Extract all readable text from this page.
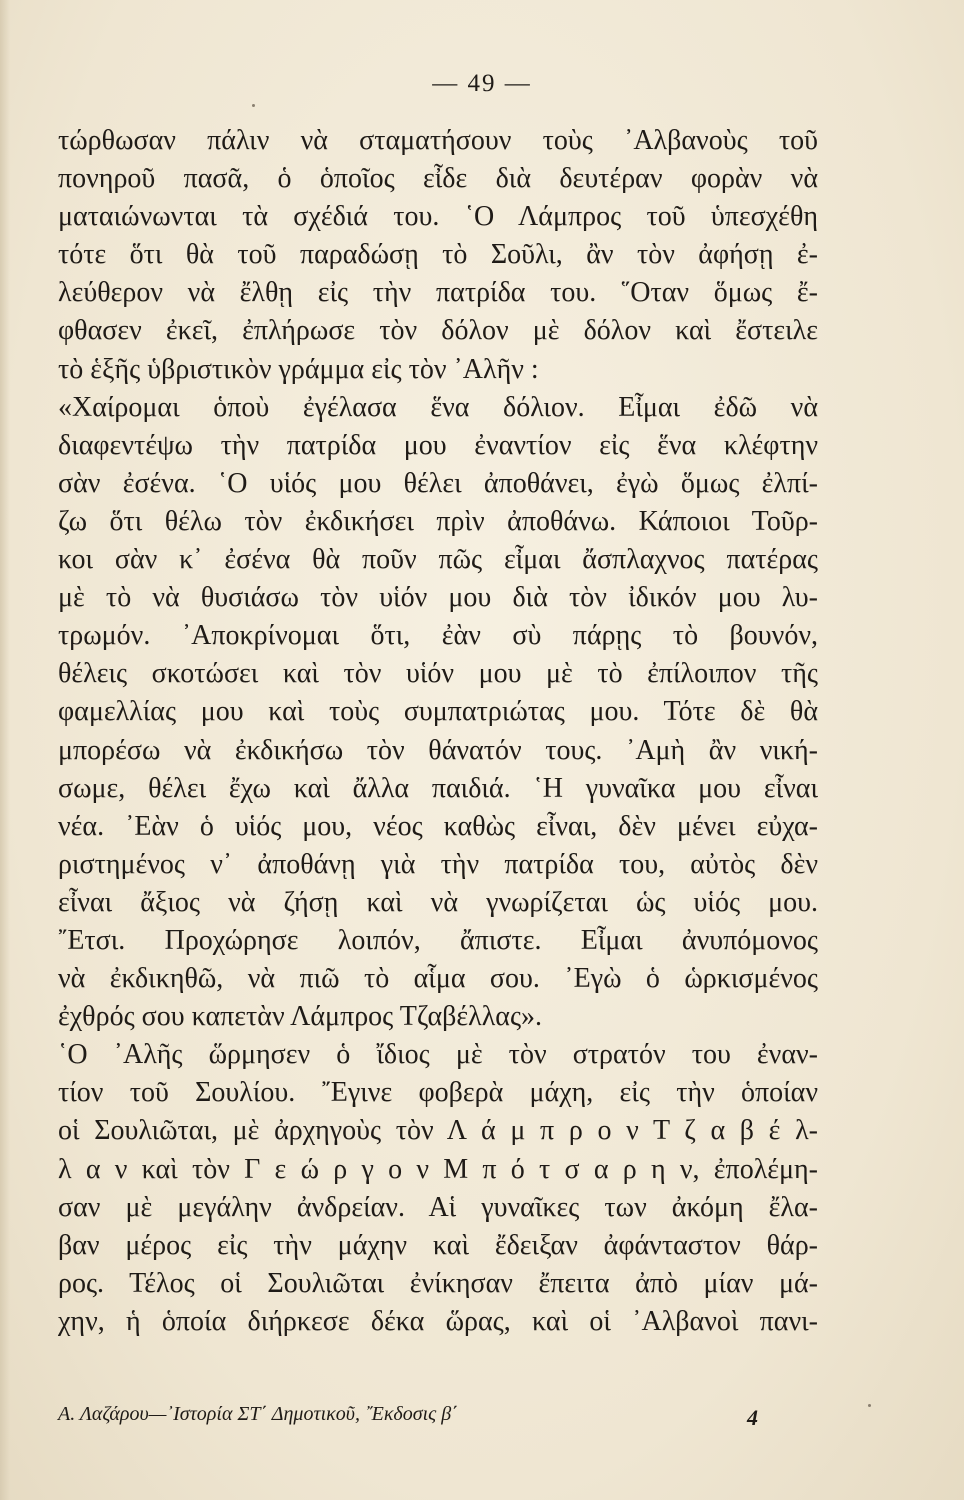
— 49 —
τώρθωσαν πάλιν νὰ σταματήσουν τοὺς ᾿Αλβανοὺς τοῦ
πονηροῦ πασᾶ, ὁ ὁποῖος εἶδε διὰ δευτέραν φορὰν νὰ
ματαιώνωνται τὰ σχέδιά του. ῾Ο Λάμπρος τοῦ ὑπεσχέθη
τότε ὅτι θὰ τοῦ παραδώσῃ τὸ Σοῦλι, ἂν τὸν ἀφήσῃ ἐ-
λεύθερον νὰ ἔλθῃ εἰς τὴν πατρίδα του. ῞Οταν ὅμως ἔ-
φθασεν ἐκεῖ, ἐπλήρωσε τὸν δόλον μὲ δόλον καὶ ἔστειλε
τὸ ἑξῆς ὑβριστικὸν γράμμα εἰς τὸν ᾿Αλῆν :
«Χαίρομαι ὁποὺ ἐγέλασα ἕνα δόλιον. Εἶμαι ἐδῶ νὰ
διαφεντέψω τὴν πατρίδα μου ἐναντίον εἰς ἕνα κλέφτην
σὰν ἐσένα. ῾Ο υἱός μου θέλει ἀποθάνει, ἐγὼ ὅμως ἐλπί-
ζω ὅτι θέλω τὸν ἐκδικήσει πρὶν ἀποθάνω. Κάποιοι Τοῦρ-
κοι σὰν κ᾿ ἐσένα θὰ ποῦν πῶς εἶμαι ἄσπλαχνος πατέρας
μὲ τὸ νὰ θυσιάσω τὸν υἱόν μου διὰ τὸν ἰδικόν μου λυ-
τρωμόν. ᾿Αποκρίνομαι ὅτι, ἐὰν σὺ πάρῃς τὸ βουνόν,
θέλεις σκοτώσει καὶ τὸν υἱόν μου μὲ τὸ ἐπίλοιπον τῆς
φαμελλίας μου καὶ τοὺς συμπατριώτας μου. Τότε δὲ θὰ
μπορέσω νὰ ἐκδικήσω τὸν θάνατόν τους. ᾿Αμὴ ἂν νική-
σωμε, θέλει ἔχω καὶ ἄλλα παιδιά. ῾Η γυναῖκα μου εἶναι
νέα. ᾿Εὰν ὁ υἱός μου, νέος καθὼς εἶναι, δὲν μένει εὐχα-
ριστημένος ν᾿ ἀποθάνῃ γιὰ τὴν πατρίδα του, αὐτὸς δὲν
εἶναι ἄξιος νὰ ζήσῃ καὶ νὰ γνωρίζεται ὡς υἱός μου.
῎Ετσι. Προχώρησε λοιπόν, ἄπιστε. Εἶμαι ἀνυπόμονος
νὰ ἐκδικηθῶ, νὰ πιῶ τὸ αἷμα σου. ᾿Εγὼ ὁ ὡρκισμένος
ἐχθρός σου καπετὰν Λάμπρος Τζαβέλλας».
῾Ο ᾿Αλῆς ὥρμησεν ὁ ἴδιος μὲ τὸν στρατόν του ἐναν-
τίον τοῦ Σουλίου. ῎Εγινε φοβερὰ μάχη, εἰς τὴν ὁποίαν
οἱ Σουλιῶται, μὲ ἀρχηγοὺς τὸν Λ ά μ π ρ ο ν Τ ζ α β έ λ-
λ α ν καὶ τὸν Γ ε ώ ρ γ ο ν Μ π ό τ σ α ρ η ν, ἐπολέμη-
σαν μὲ μεγάλην ἀνδρείαν. Αἱ γυναῖκες των ἀκόμη ἔλα-
βαν μέρος εἰς τὴν μάχην καὶ ἔδειξαν ἀφάνταστον θάρ-
ρος. Τέλος οἱ Σουλιῶται ἐνίκησαν ἔπειτα ἀπὸ μίαν μά-
χην, ἡ ὁποία διήρκεσε δέκα ὥρας, καὶ οἱ ᾿Αλβανοὶ πανι-
Α. Λαζάρου—᾿Ιστορία ΣΤ΄ Δημοτικοῦ, ῎Εκδοσις β΄	4
